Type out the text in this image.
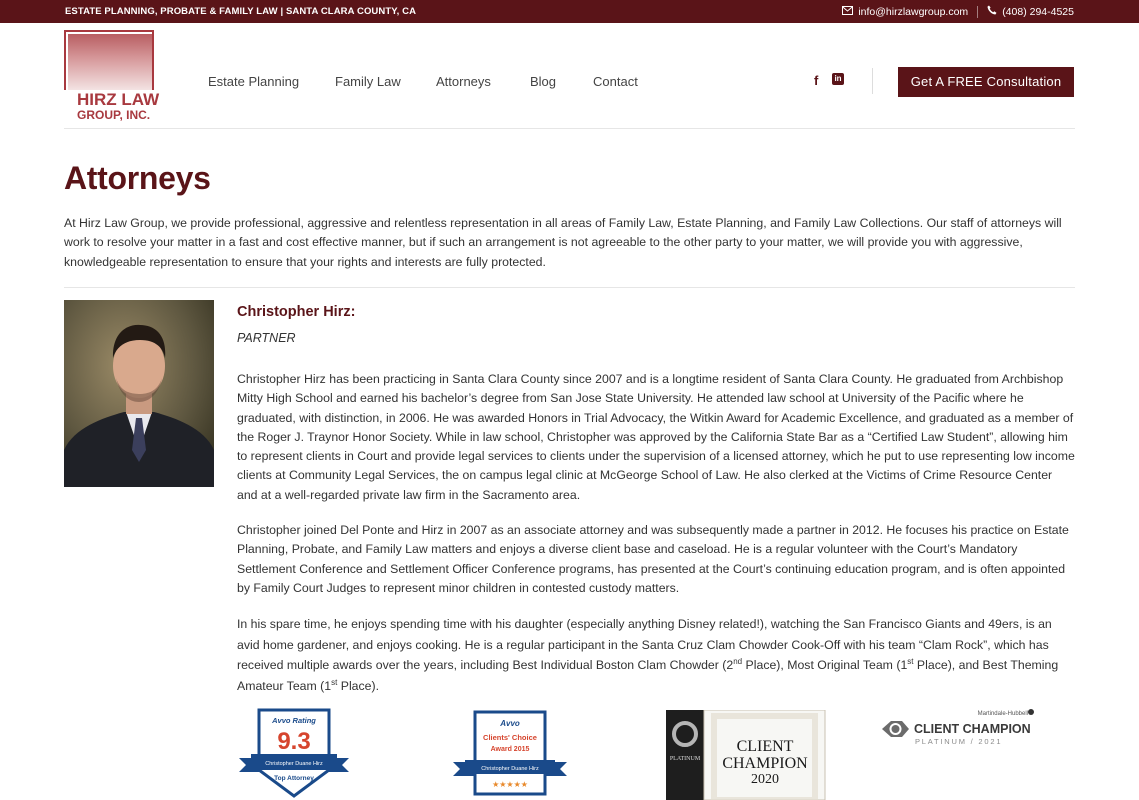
ESTATE PLANNING, PROBATE & FAMILY LAW | SANTA CLARA COUNTY, CA	info@hirzlawgroup.com	(408) 294-4525
HIRZ LAW
GROUP, INC.
Estate Planning	Family Law	Attorneys	Blog	Contact	f	in	Get A FREE Consultation
Attorneys

At Hirz Law Group, we provide professional, aggressive and relentless representation in all areas of Family Law, Estate Planning, and Family Law Collections. Our staff of attorneys will work to resolve your matter in a fast and cost effective manner, but if such an arrangement is not agreeable to the other party to your matter, we will provide you with aggressive, knowledgeable representation to ensure that your rights and interests are fully protected.

Christopher Hirz:
PARTNER

Christopher Hirz has been practicing in Santa Clara County since 2007 and is a longtime resident of Santa Clara County. He graduated from Archbishop Mitty High School and earned his bachelor’s degree from San Jose State University. He attended law school at University of the Pacific where he graduated, with distinction, in 2006. He was awarded Honors in Trial Advocacy, the Witkin Award for Academic Excellence, and graduated as a member of the Roger J. Traynor Honor Society. While in law school, Christopher was approved by the California State Bar as a “Certified Law Student”, allowing him to represent clients in Court and provide legal services to clients under the supervision of a licensed attorney, which he put to use representing low income clients at Community Legal Services, the on campus legal clinic at McGeorge School of Law. He also clerked at the Victims of Crime Resource Center and at a well-regarded private law firm in the Sacramento area.

Christopher joined Del Ponte and Hirz in 2007 as an associate attorney and was subsequently made a partner in 2012. He focuses his practice on Estate Planning, Probate, and Family Law matters and enjoys a diverse client base and caseload. He is a regular volunteer with the Court’s Mandatory Settlement Conference and Settlement Officer Conference programs, has presented at the Court’s continuing education program, and is often appointed by Family Court Judges to represent minor children in contested custody matters.

In his spare time, he enjoys spending time with his daughter (especially anything Disney related!), watching the San Francisco Giants and 49ers, is an avid home gardener, and enjoys cooking. He is a regular participant in the Santa Cruz Clam Chowder Cook-Off with his team “Clam Rock”, which has received multiple awards over the years, including Best Individual Boston Clam Chowder (2nd Place), Most Original Team (1st Place), and Best Theming Amateur Team (1st Place).

Avvo Rating
9.3
Christopher Duane Hirz
Top Attorney
Avvo
Clients' Choice
Award 2015
Christopher Duane Hirz
★★★★★
PLATINUM
CLIENT
CHAMPION
2020
Martindale-Hubbell
CLIENT CHAMPION
PLATINUM / 2021
